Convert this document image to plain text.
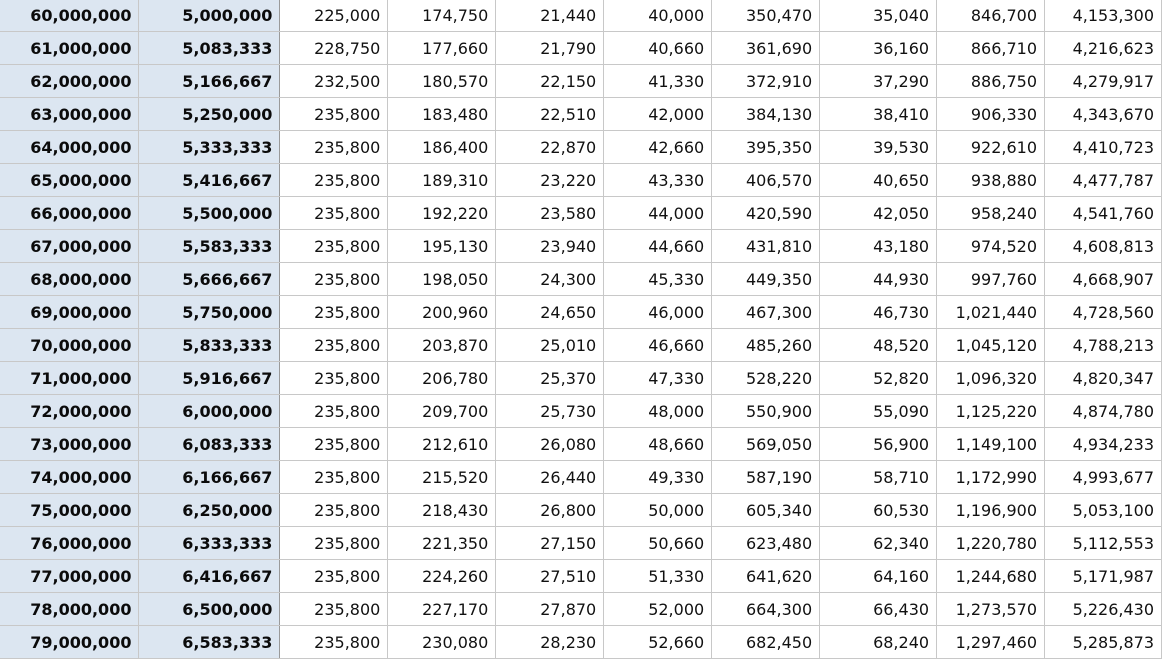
60,000,000	5,000,000	225,000	174,750	21,440	40,000	350,470	35,040	846,700	4,153,300
61,000,000	5,083,333	228,750	177,660	21,790	40,660	361,690	36,160	866,710	4,216,623
62,000,000	5,166,667	232,500	180,570	22,150	41,330	372,910	37,290	886,750	4,279,917
63,000,000	5,250,000	235,800	183,480	22,510	42,000	384,130	38,410	906,330	4,343,670
64,000,000	5,333,333	235,800	186,400	22,870	42,660	395,350	39,530	922,610	4,410,723
65,000,000	5,416,667	235,800	189,310	23,220	43,330	406,570	40,650	938,880	4,477,787
66,000,000	5,500,000	235,800	192,220	23,580	44,000	420,590	42,050	958,240	4,541,760
67,000,000	5,583,333	235,800	195,130	23,940	44,660	431,810	43,180	974,520	4,608,813
68,000,000	5,666,667	235,800	198,050	24,300	45,330	449,350	44,930	997,760	4,668,907
69,000,000	5,750,000	235,800	200,960	24,650	46,000	467,300	46,730	1,021,440	4,728,560
70,000,000	5,833,333	235,800	203,870	25,010	46,660	485,260	48,520	1,045,120	4,788,213
71,000,000	5,916,667	235,800	206,780	25,370	47,330	528,220	52,820	1,096,320	4,820,347
72,000,000	6,000,000	235,800	209,700	25,730	48,000	550,900	55,090	1,125,220	4,874,780
73,000,000	6,083,333	235,800	212,610	26,080	48,660	569,050	56,900	1,149,100	4,934,233
74,000,000	6,166,667	235,800	215,520	26,440	49,330	587,190	58,710	1,172,990	4,993,677
75,000,000	6,250,000	235,800	218,430	26,800	50,000	605,340	60,530	1,196,900	5,053,100
76,000,000	6,333,333	235,800	221,350	27,150	50,660	623,480	62,340	1,220,780	5,112,553
77,000,000	6,416,667	235,800	224,260	27,510	51,330	641,620	64,160	1,244,680	5,171,987
78,000,000	6,500,000	235,800	227,170	27,870	52,000	664,300	66,430	1,273,570	5,226,430
79,000,000	6,583,333	235,800	230,080	28,230	52,660	682,450	68,240	1,297,460	5,285,873
